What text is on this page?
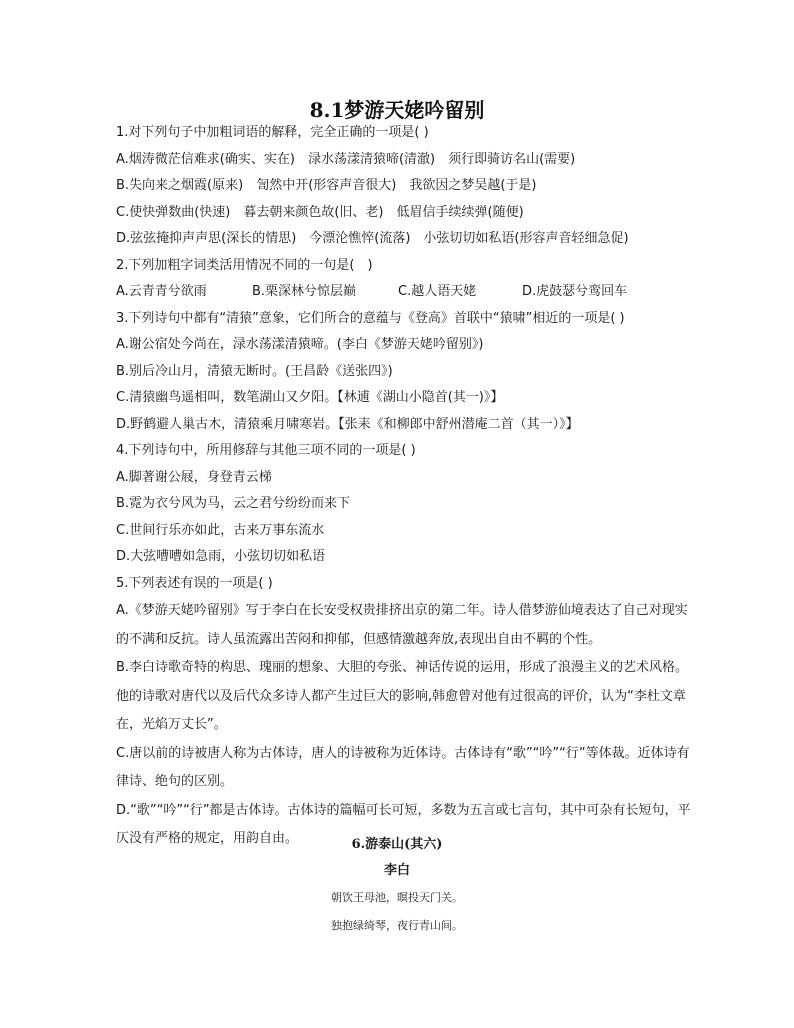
8.1梦游天姥吟留别
1.对下列句子中加粗词语的解释，完全正确的一项是( )
A.烟涛微茫信难求(确实、实在)　渌水荡漾清猿啼(清澈)　须行即骑访名山(需要)
B.失向来之烟霞(原来)　訇然中开(形容声音很大)　我欲因之梦吴越(于是)
C.使快弹数曲(快速)　暮去朝来颜色故(旧、老)　低眉信手续续弹(随便)
D.弦弦掩抑声声思(深长的情思)　今漂沦憔悴(流落)　小弦切切如私语(形容声音轻细急促)
2.下列加粗字词类活用情况不同的一句是(　)
A.云青青兮欲雨	B.栗深林兮惊层巅	C.越人语天姥	D.虎鼓瑟兮鸾回车
3.下列诗句中都有“清猿”意象，它们所合的意蕴与《登高》首联中“猿啸”相近的一项是( )
A.谢公宿处今尚在，渌水荡漾清猿啼。(李白《梦游天姥吟留别》)
B.别后冷山月，清猿无断时。(王昌龄《送张四》)
C.清猿幽鸟遥相叫，数笔湖山又夕阳。【林逋《湖山小隐首(其一)》】
D.野鹤避人巢古木，清猿乘月啸寒岩。【张耒《和柳郎中舒州潜庵二首（其一）》】
4.下列诗句中，所用修辞与其他三项不同的一项是( )
A.脚著谢公屐，身登青云梯
B.霓为衣兮风为马，云之君兮纷纷而来下
C.世间行乐亦如此，古来万事东流水
D.大弦嘈嘈如急雨，小弦切切如私语
5.下列表述有误的一项是( )
A.《梦游天姥吟留别》写于李白在长安受权贵排挤出京的第二年。诗人借梦游仙境表达了自己对现实的不满和反抗。诗人虽流露出苦闷和抑郁，但感情激越奔放,表现出自由不羁的个性。
B.李白诗歌奇特的构思、瑰丽的想象、大胆的夸张、神话传说的运用，形成了浪漫主义的艺术风格。他的诗歌对唐代以及后代众多诗人都产生过巨大的影响,韩愈曾对他有过很高的评价，认为“李杜文章在，光焰万丈长”。
C.唐以前的诗被唐人称为古体诗，唐人的诗被称为近体诗。古体诗有“歌”“吟”“行”等体裁。近体诗有律诗、绝句的区别。
D.“歌”“吟”“行”都是古体诗。古体诗的篇幅可长可短，多数为五言或七言句，其中可杂有长短句，平仄没有严格的规定，用韵自由。	6.游泰山(其六)
李白
朝饮王母池，暝投天门关。
独抱绿绮琴，夜行青山间。
